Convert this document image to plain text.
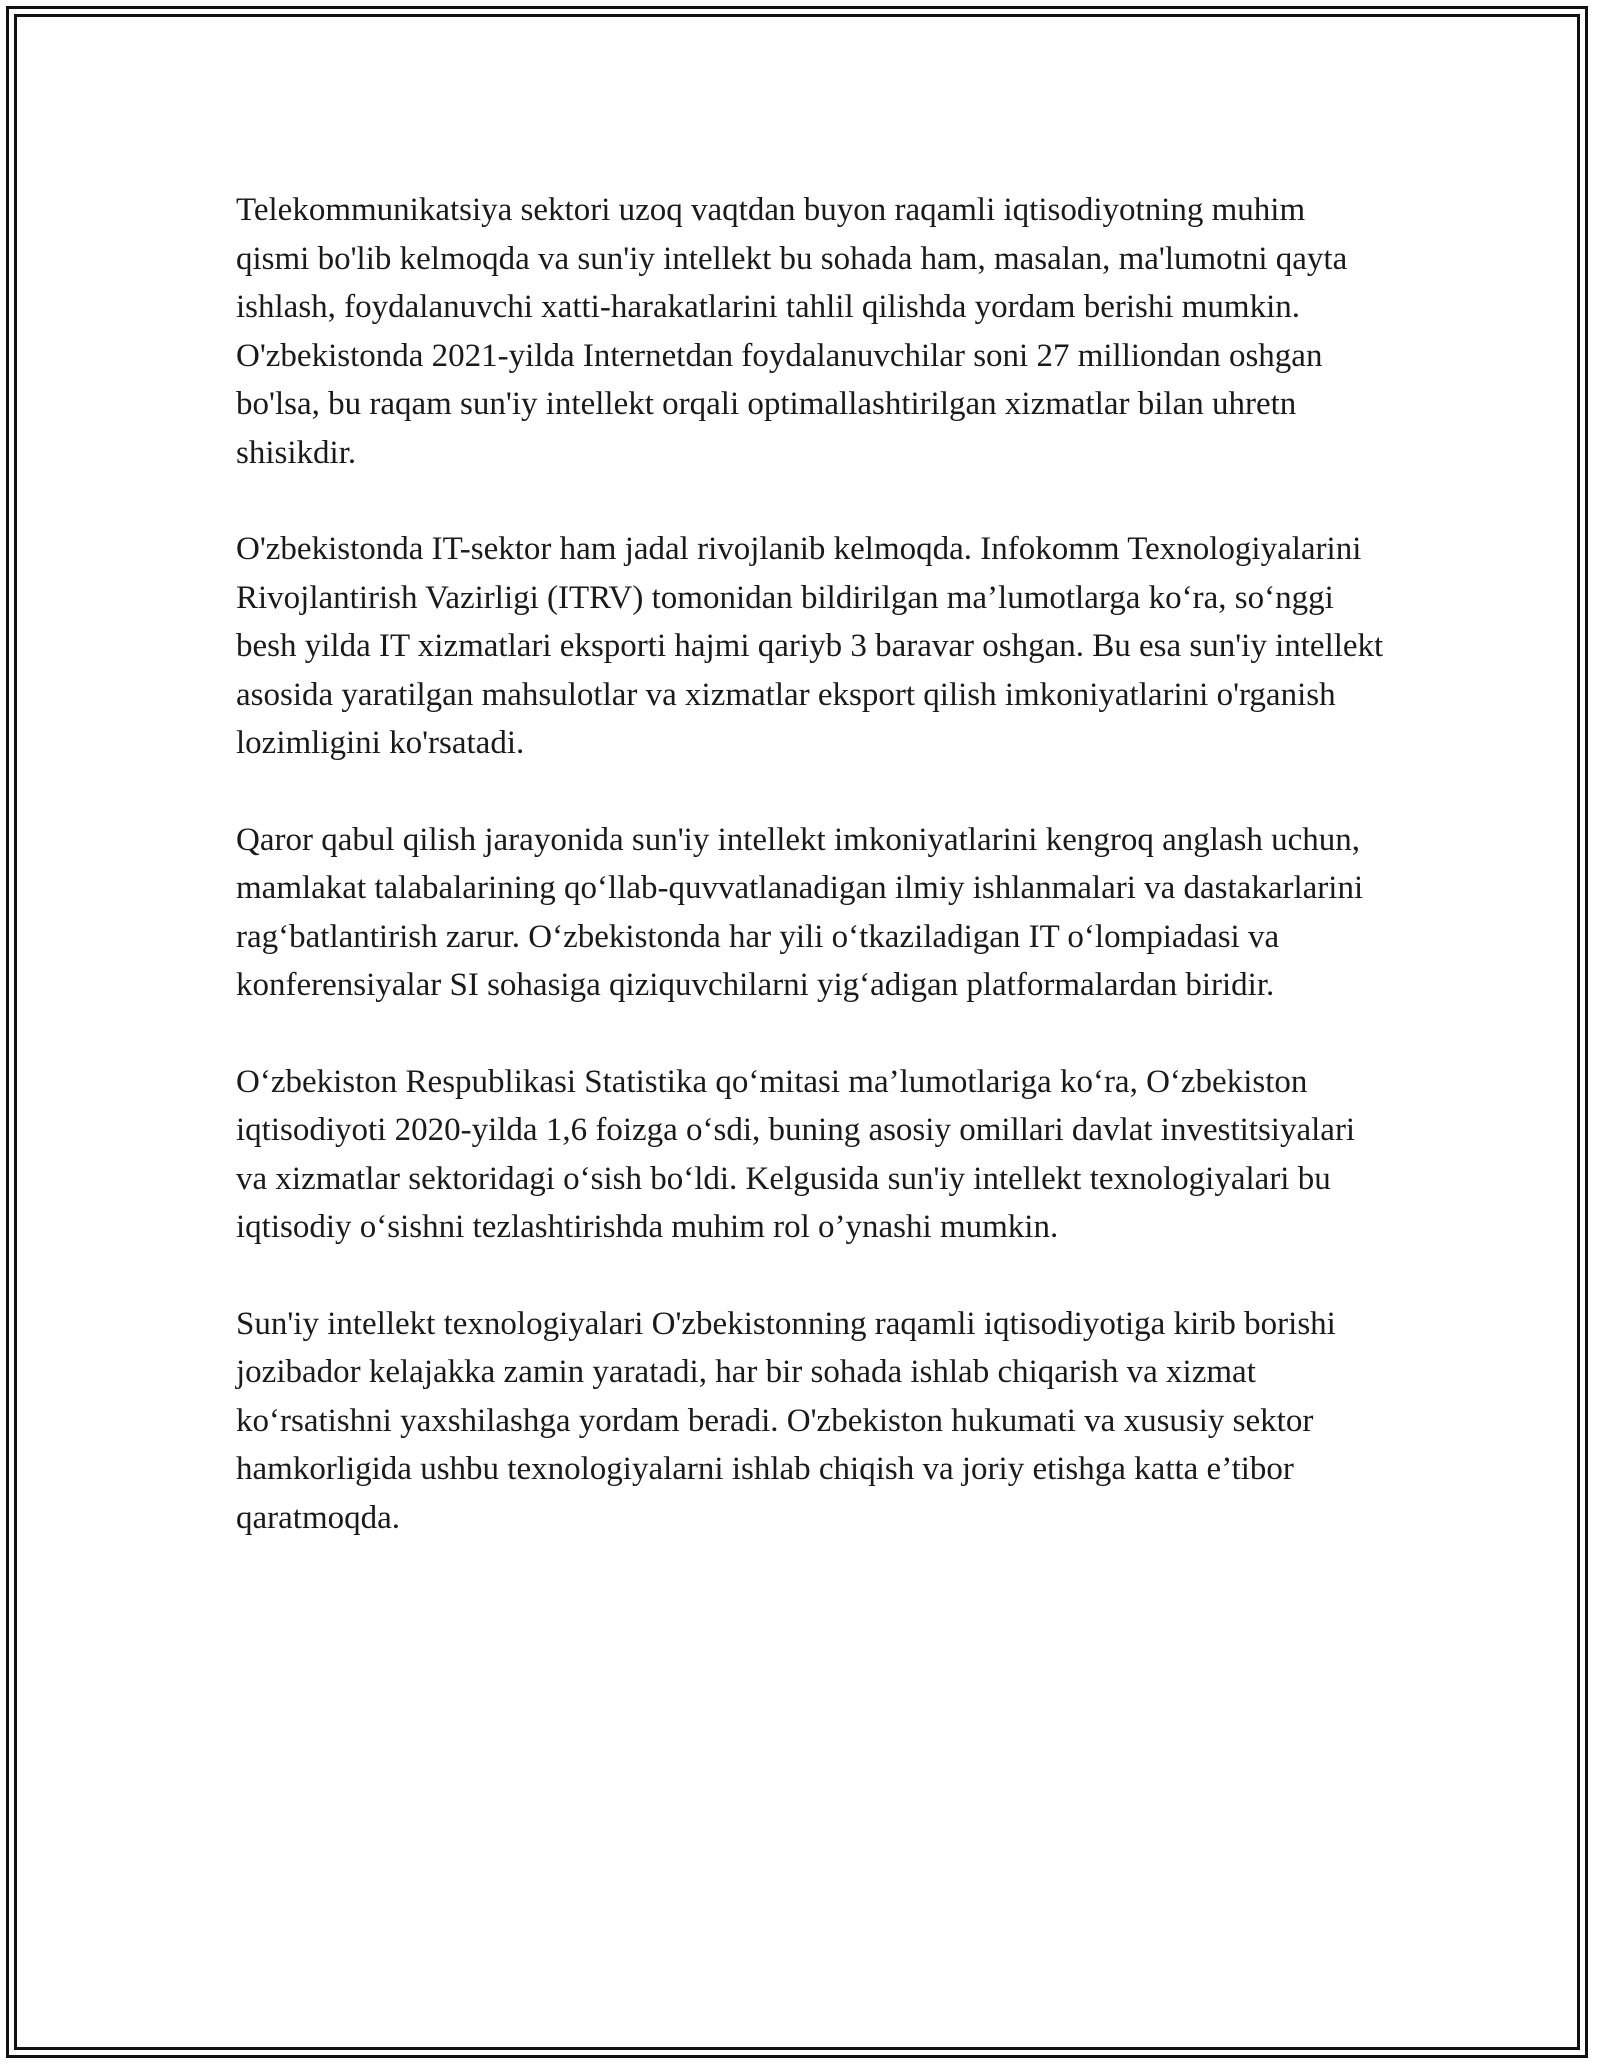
Telekommunikatsiya sektori uzoq vaqtdan buyon raqamli iqtisodiyotning muhim qismi bo'lib kelmoqda va sun'iy intellekt bu sohada ham, masalan, ma'lumotni qayta ishlash, foydalanuvchi xatti-harakatlarini tahlil qilishda yordam berishi mumkin. O'zbekistonda 2021-yilda Internetdan foydalanuvchilar soni 27 milliondan oshgan bo'lsa, bu raqam sun'iy intellekt orqali optimallashtirilgan xizmatlar bilan uhretn shisikdir.

O'zbekistonda IT-sektor ham jadal rivojlanib kelmoqda. Infokomm Texnologiyalarini Rivojlantirish Vazirligi (ITRV) tomonidan bildirilgan ma’lumotlarga ko‘ra, so‘nggi besh yilda IT xizmatlari eksporti hajmi qariyb 3 baravar oshgan. Bu esa sun'iy intellekt asosida yaratilgan mahsulotlar va xizmatlar eksport qilish imkoniyatlarini o'rganish lozimligini ko'rsatadi.

Qaror qabul qilish jarayonida sun'iy intellekt imkoniyatlarini kengroq anglash uchun, mamlakat talabalarining qo‘llab-quvvatlanadigan ilmiy ishlanmalari va dastakarlarini rag‘batlantirish zarur. O‘zbekistonda har yili o‘tkaziladigan IT o‘lompiadasi va konferensiyalar SI sohasiga qiziquvchilarni yig‘adigan platformalardan biridir.

O‘zbekiston Respublikasi Statistika qo‘mitasi ma’lumotlariga ko‘ra, O‘zbekiston iqtisodiyoti 2020-yilda 1,6 foizga o‘sdi, buning asosiy omillari davlat investitsiyalari va xizmatlar sektoridagi o‘sish bo‘ldi. Kelgusida sun'iy intellekt texnologiyalari bu iqtisodiy o‘sishni tezlashtirishda muhim rol o’ynashi mumkin.

Sun'iy intellekt texnologiyalari O'zbekistonning raqamli iqtisodiyotiga kirib borishi jozibador kelajakka zamin yaratadi, har bir sohada ishlab chiqarish va xizmat ko‘rsatishni yaxshilashga yordam beradi. O'zbekiston hukumati va xususiy sektor hamkorligida ushbu texnologiyalarni ishlab chiqish va joriy etishga katta e’tibor qaratmoqda.
